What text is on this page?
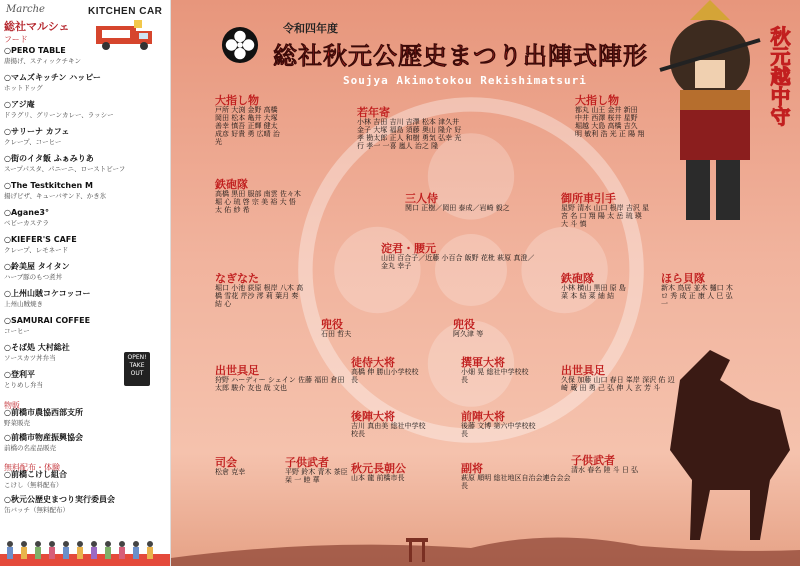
Marche	KITCHEN CAR
総社マルシェ
フード
○PERO TABLE
唐揚げ、スティックチキン
○マムズキッチン ハッピー
ホットドッグ
○アジ庵
ドラグリ、グリーンカレー、ラッシー
○サリーナ カフェ
クレープ、コーヒー
○街のイタ飯 ふぁみりあ
スープパスタ、パニーニ、ローストビーフ
○The Testkitchen M
揚げピザ、キューバサンド、かき氷
○Agane3°
ベビーカステラ
○KIEFER'S CAFE
クレープ、レモネード
○鈴美屋 タイタン
ハーブ豚のもつ煮丼
○上州山賊コケコッコー
上州山賊焼き
○SAMURAI COFFEE
コーヒー
○そば処 大村総社
ソースカツ丼弁当
○登利平
とりめし弁当
物販
○前橋市農協西部支所
野菜販売
○前橋市物産振興協会
前橋の名産品販売
無料配布・体験
○前橋こけし組合
こけし（無料配布）
○秋元公歴史まつり実行委員会
缶バッチ（無料配布）
OPEN! TAKE OUT
秋元越中守
令和四年度
総社秋元公歴史まつり出陣式陣形
Soujya Akimotokou Rekishimatsuri
大指し物
戸所 大渕 金野 高橋 岡田 松本 亀井 大塚 善幸 慎吾 正輝 健太 成彦 好貴 勇 広晴 治 光
若年寄
小林 吉田 吉川 吉澤 松本 津久井 金子 大塚 福島 須藤 奥山 隆介 好孝 勘太郎 正人 和樹 勇気 弘幸 光行 孝一 一喜 嵐人 治之 隆
大指し物
都丸 山王 金井 新田 中井 西澤 桜井 星野 堀越 大島 高橋 吉久 明 敏利 浩 光 正 陽 翔
鉄砲隊
高橋 黒田 服部 南雲 佐々木 堀 心 琉 啓 宗 美 裕 大 悟 太 佑 紗 希
三人侍
関口 正樹／岡田 泰成／岩崎 毅之
御所車引手
星野 清水 山口 根岸 吉沢 星 宮 名 口 翔 陽 太 岳 琉 瑛 大 斗 慎
淀君・腰元
山田 百合子／近藤 小百合 飯野 花枇 萩原 真澄／金丸 幸子
なぎなた
堀口 小池 荻原 根岸 八木 高橋 雪花 芹沙 澪 莉 葉月 奏 結 心
鉄砲隊
小林 横山 黒田 原 島 菜 本 結 菜 紬 結
ほら貝隊
新木 鳥居 並木 樋口 木 ロ 秀 成 正 康 人 巳 弘 一
兜役
石田 哲夫
兜役
阿久津 等
出世具足
狩野 ハーディー シェイン 佐藤 福田 倉田 太郎 駿介 友也 哉 文也
徒侍大将
高橋 伸 勝山小学校校長
撰軍大将
小畑 晃 総社中学校校長
出世具足
久保 加藤 山口 春日 峯岸 深沢 佑 辺 崎 蔵 田 勇 己 弘 伸 人 玄 芳 斗
後陣大将
吉川 真由美 総社中学校校長
前陣大将
後藤 文博 第六中学校校長
司会
松倉 克幸
子供武者
平野 鈴木 青木 茶臣 栞 一 睦 華
秋元長朝公
山本 龍 前橋市長
副将
萩原 順明 総社地区自治会連合会会長
子供武者
清水 春名 陸 斗 日 弘
